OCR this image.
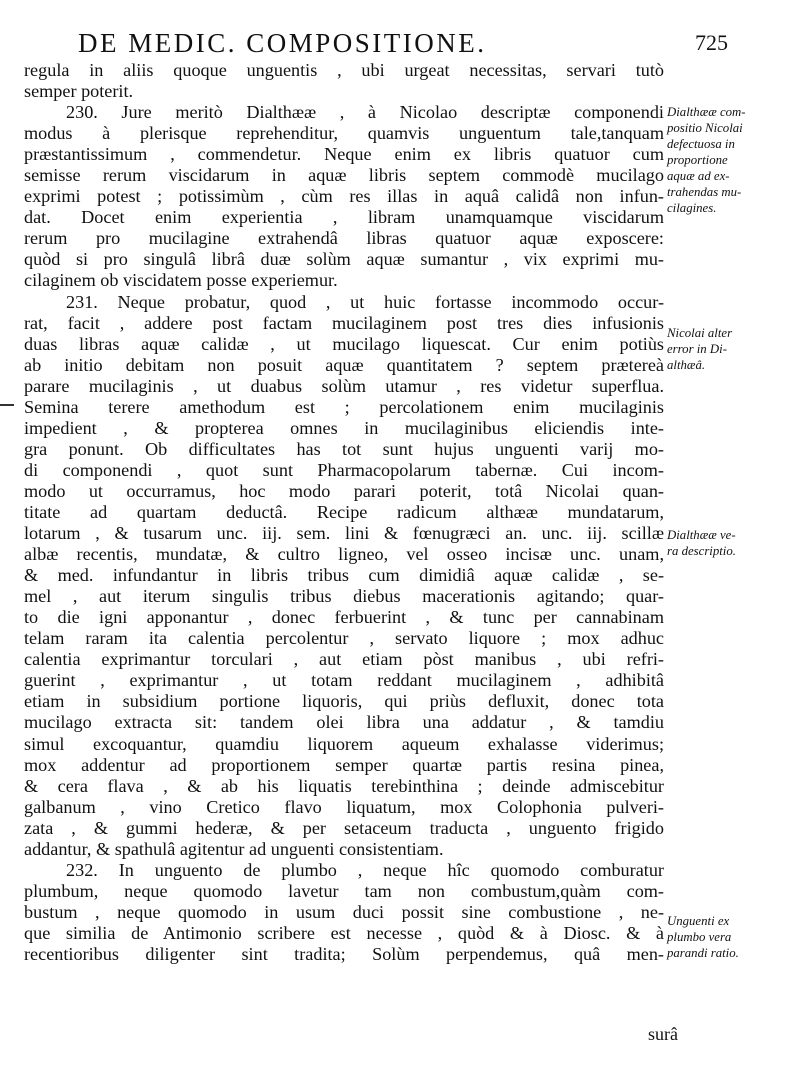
DE MEDIC. COMPOSITIONE.	725
regula in aliis quoque unguentis , ubi urgeat necessitas, servari tutò
semper poterit.
230. Jure meritò Dialthææ , à Nicolao descriptæ componendi
modus à plerisque reprehenditur, quamvis unguentum tale,tanquam
præstantissimum , commendetur. Neque enim ex libris quatuor cum
semisse rerum viscidarum in aquæ libris septem commodè mucilago
exprimi potest ; potissimùm , cùm res illas in aquâ calidâ non infun-
dat. Docet enim experientia , libram unamquamque viscidarum
rerum pro mucilagine extrahendâ libras quatuor aquæ exposcere:
quòd si pro singulâ librâ duæ solùm aquæ sumantur , vix exprimi mu-
cilaginem ob viscidatem posse experiemur.
231. Neque probatur, quod , ut huic fortasse incommodo occur-
rat, facit , addere post factam mucilaginem post tres dies infusionis
duas libras aquæ calidæ , ut mucilago liquescat. Cur enim potiùs
ab initio debitam non posuit aquæ quantitatem ? septem prætereà
parare mucilaginis , ut duabus solùm utamur , res videtur superflua.
Semina terere amethodum est ; percolationem enim mucilaginis
impedient , & propterea omnes in mucilaginibus eliciendis inte-
gra ponunt. Ob difficultates has tot sunt hujus unguenti varij mo-
di componendi , quot sunt Pharmacopolarum tabernæ. Cui incom-
modo ut occurramus, hoc modo parari poterit, totâ Nicolai quan-
titate ad quartam deductâ. Recipe radicum althææ mundatarum,
lotarum , & tusarum unc. iij. sem. lini & fœnugræci an. unc. iij. scillæ
albæ recentis, mundatæ, & cultro ligneo, vel osseo incisæ unc. unam,
& med. infundantur in libris tribus cum dimidiâ aquæ calidæ , se-
mel , aut iterum singulis tribus diebus macerationis agitando; quar-
to die igni apponantur , donec ferbuerint , & tunc per cannabinam
telam raram ita calentia percolentur , servato liquore ; mox adhuc
calentia exprimantur torculari , aut etiam pòst manibus , ubi refri-
guerint , exprimantur , ut totam reddant mucilaginem , adhibitâ
etiam in subsidium portione liquoris, qui priùs defluxit, donec tota
mucilago extracta sit: tandem olei libra una addatur , & tamdiu
simul excoquantur, quamdiu liquorem aqueum exhalasse viderimus;
mox addentur ad proportionem semper quartæ partis resina pinea,
& cera flava , & ab his liquatis terebinthina ; deinde admiscebitur
galbanum , vino Cretico flavo liquatum, mox Colophonia pulveri-
zata , & gummi hederæ, & per setaceum traducta , unguento frigido
addantur, & spathulâ agitentur ad unguenti consistentiam.
232. In unguento de plumbo , neque hîc quomodo comburatur
plumbum, neque quomodo lavetur tam non combustum,quàm com-
bustum , neque quomodo in usum duci possit sine combustione , ne-
que similia de Antimonio scribere est necesse , quòd & à Diosc. & à
recentioribus diligenter sint tradita; Solùm perpendemus, quâ men-
surâ
Dialthææ com-
positio Nicolai
defectuosa in
proportione
aquæ ad ex-
trahendas mu-
cilagines.
Nicolai alter
error in Di-
althæâ.
Dialthææ ve-
ra descriptio.
Unguenti ex
plumbo vera
parandi ratio.
